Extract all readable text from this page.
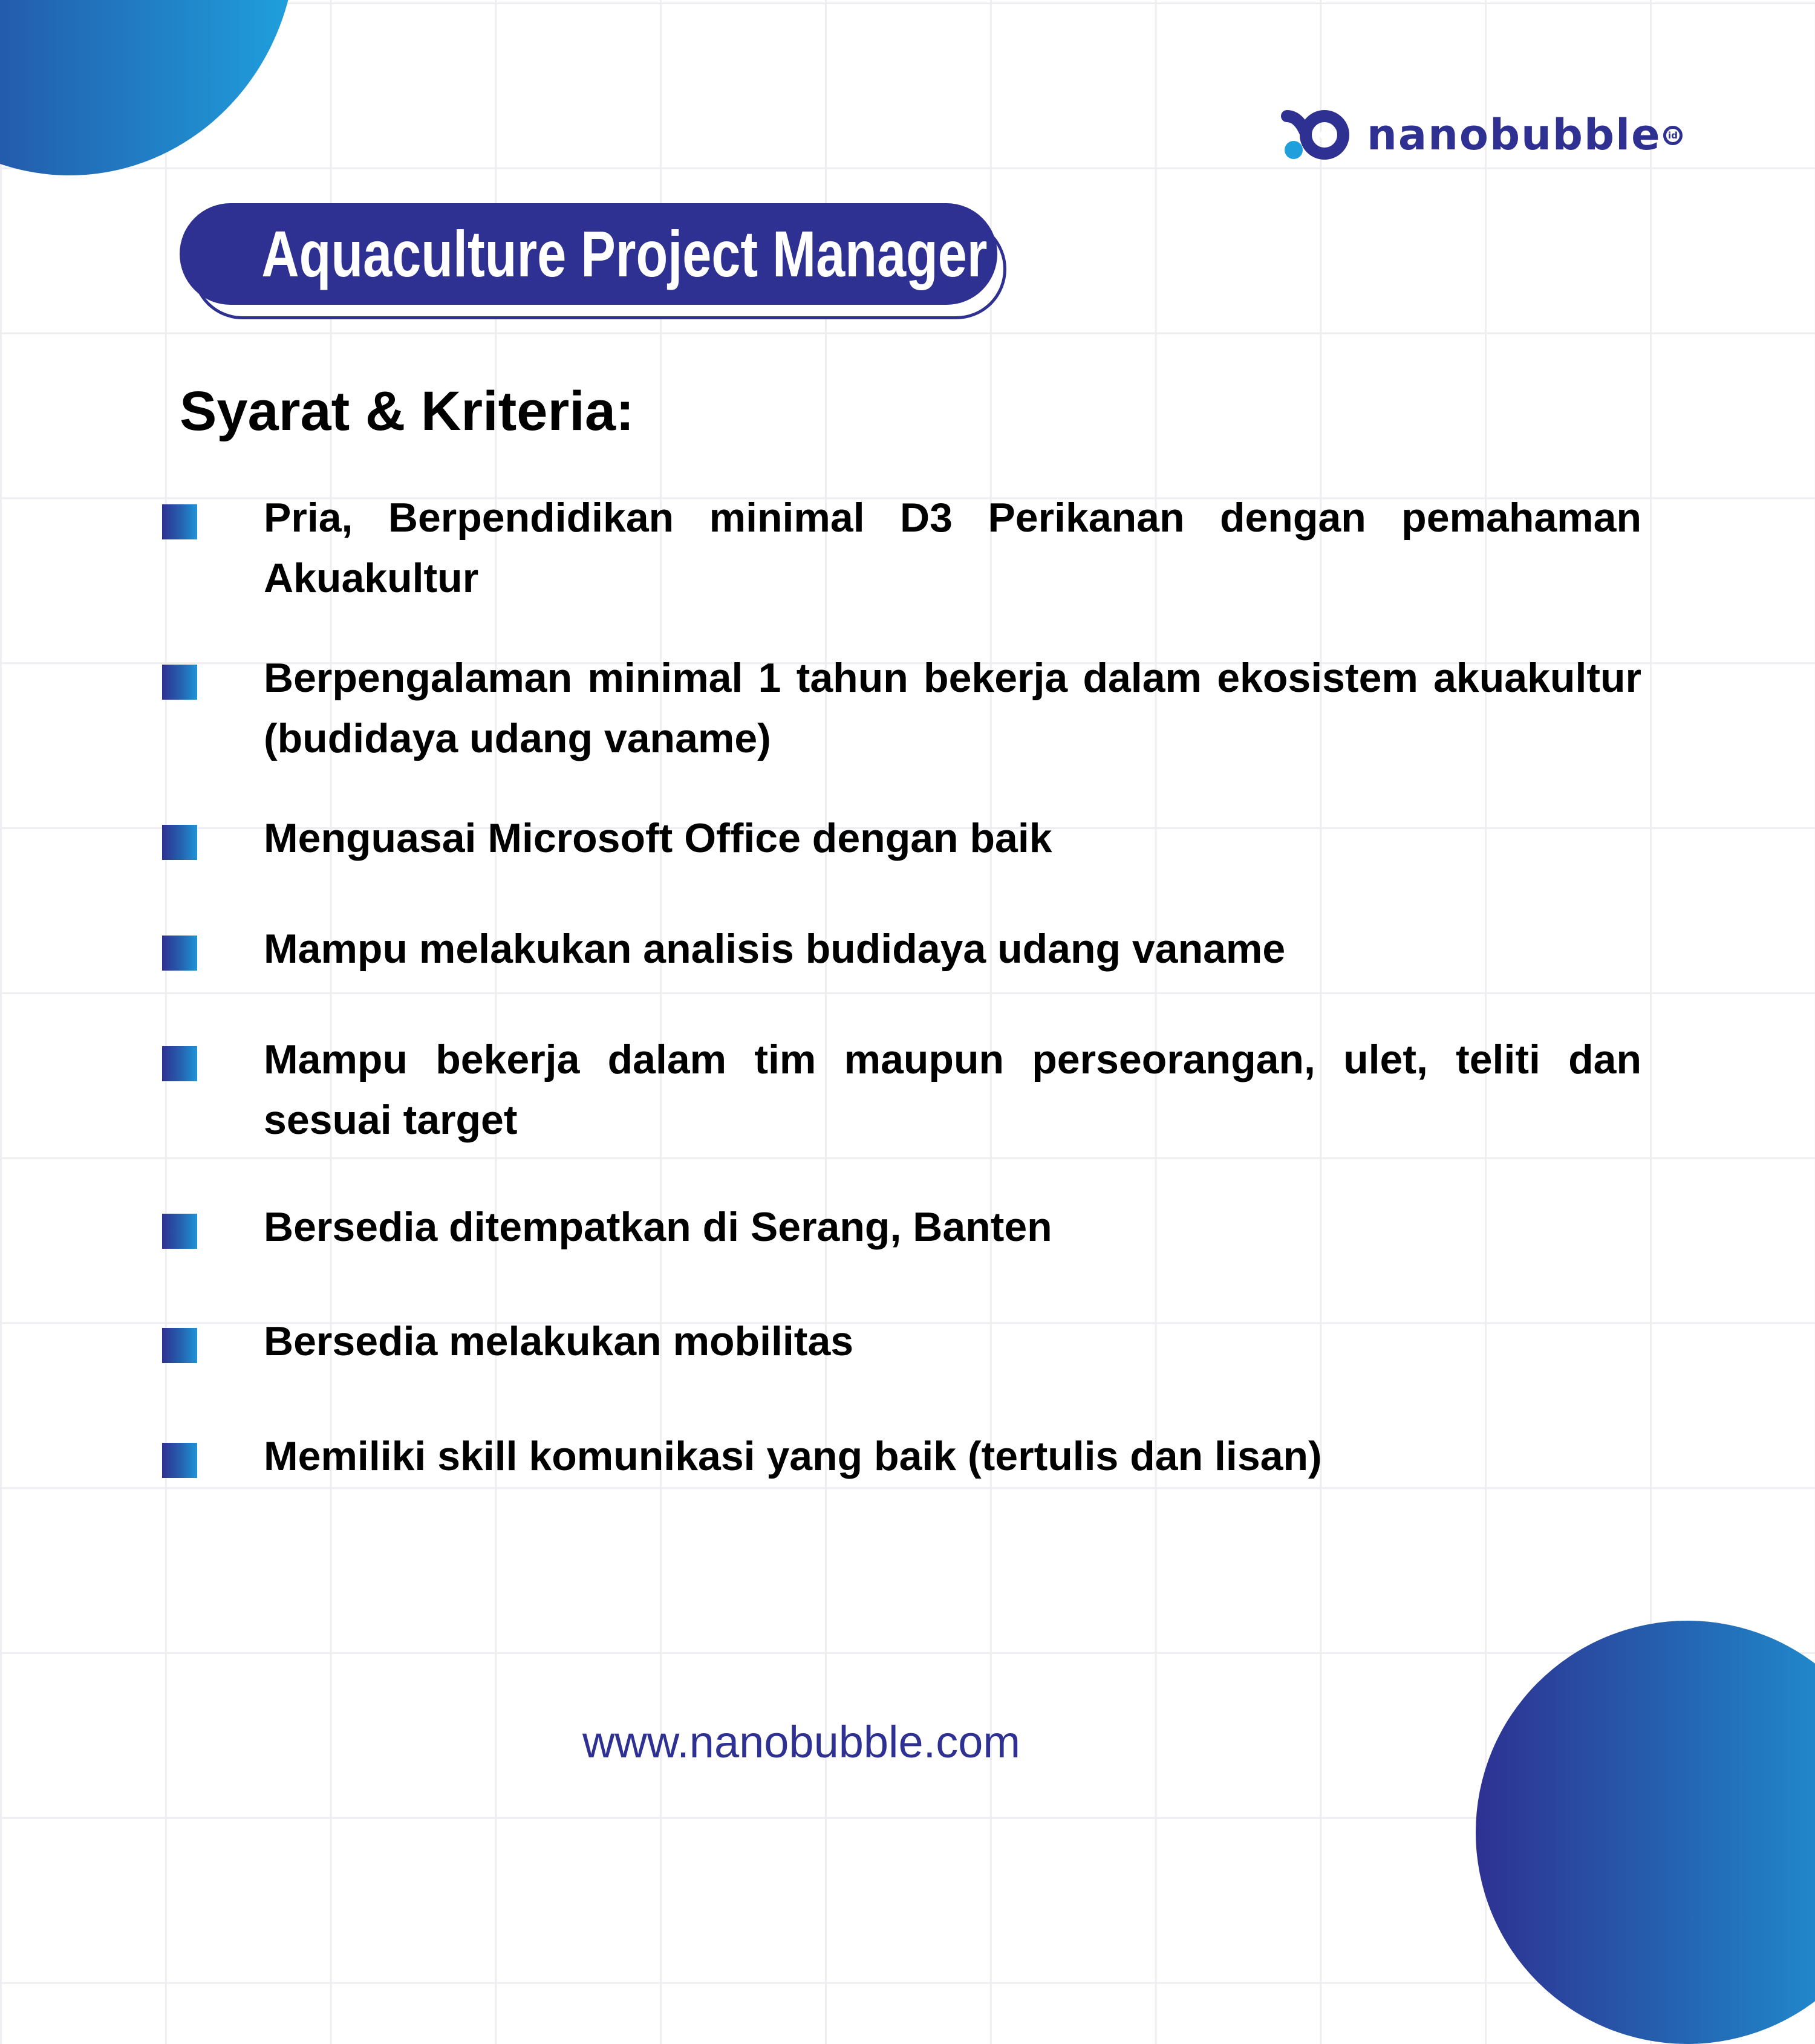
nanobubble id
Aquaculture Project Manager
Syarat & Kriteria:
Pria, Berpendidikan minimal D3 Perikanan dengan pemahaman Akuakultur
Berpengalaman minimal 1 tahun bekerja dalam ekosistem akuakultur (budidaya udang vaname)
Menguasai Microsoft Office dengan baik
Mampu melakukan analisis budidaya udang vaname
Mampu bekerja dalam tim maupun perseorangan, ulet, teliti dan sesuai target
Bersedia ditempatkan di Serang, Banten
Bersedia melakukan mobilitas
Memiliki skill komunikasi yang baik (tertulis dan lisan)
www.nanobubble.com
